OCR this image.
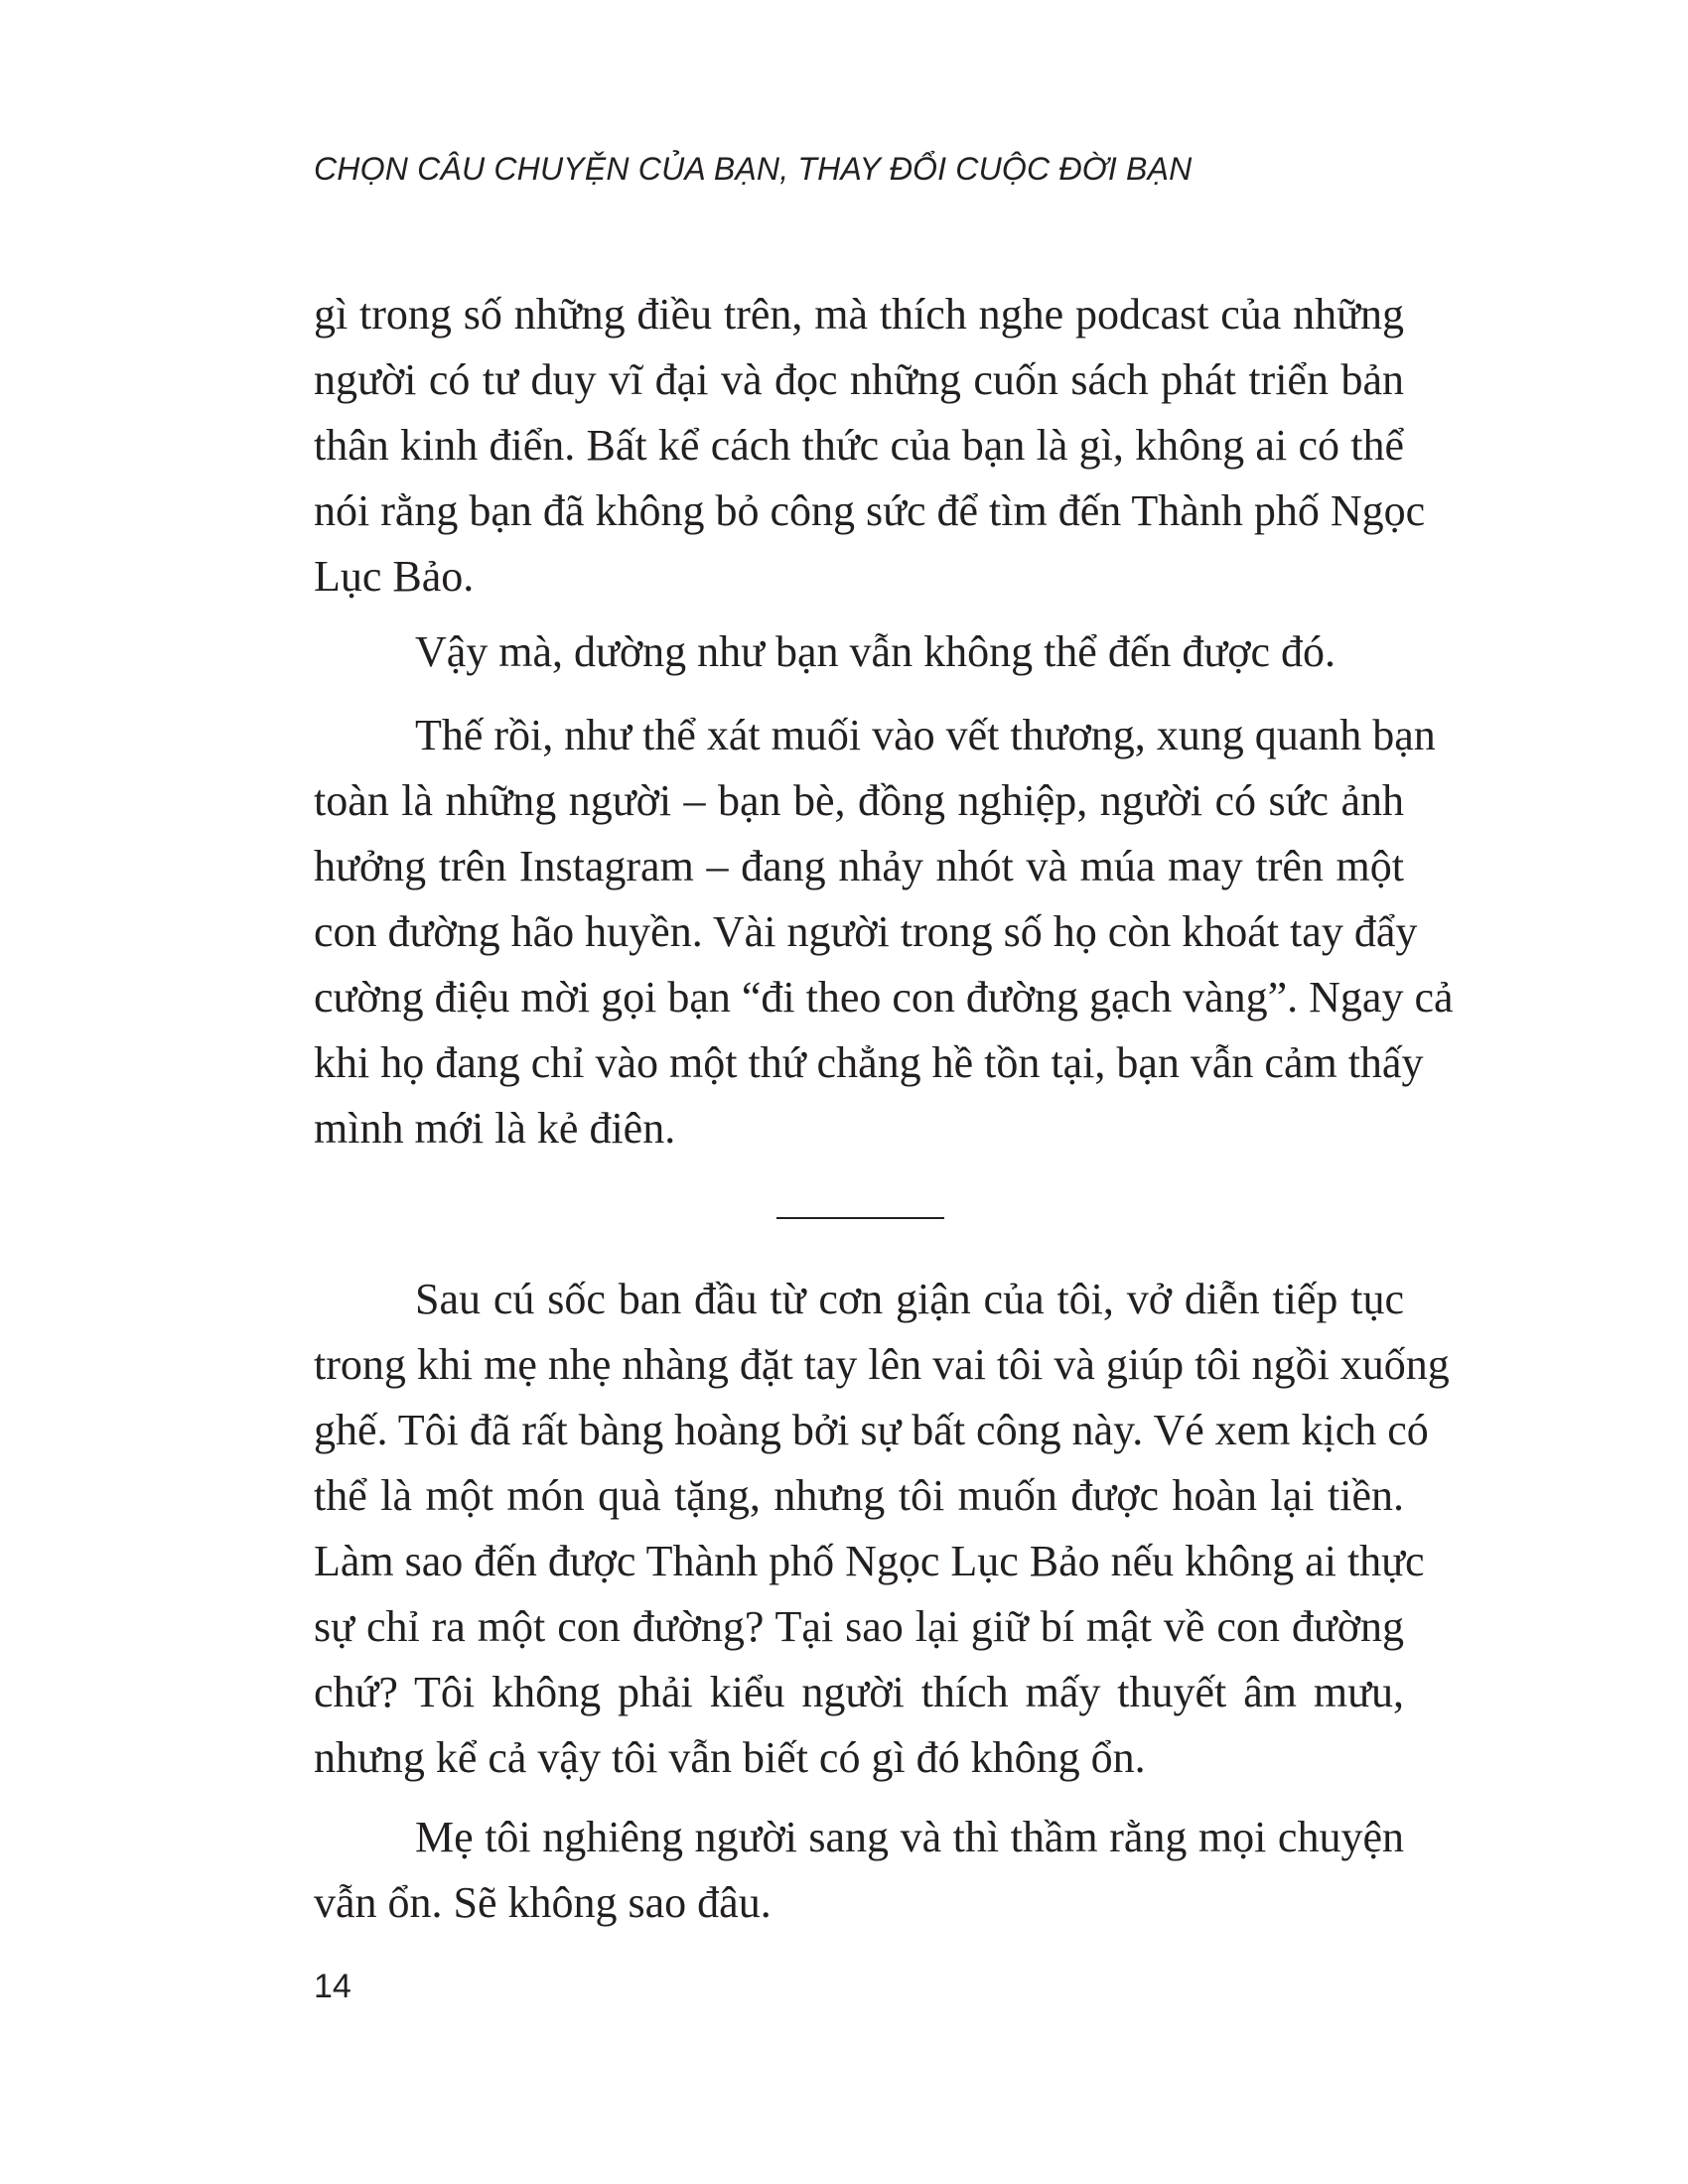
CHỌN CÂU CHUYỆN CỦA BẠN, THAY ĐỔI CUỘC ĐỜI BẠN
gì trong số những điều trên, mà thích nghe podcast của những
người có tư duy vĩ đại và đọc những cuốn sách phát triển bản
thân kinh điển. Bất kể cách thức của bạn là gì, không ai có thể
nói rằng bạn đã không bỏ công sức để tìm đến Thành phố Ngọc
Lục Bảo.
Vậy mà, dường như bạn vẫn không thể đến được đó.
Thế rồi, như thể xát muối vào vết thương, xung quanh bạn
toàn là những người – bạn bè, đồng nghiệp, người có sức ảnh
hưởng trên Instagram – đang nhảy nhót và múa may trên một
con đường hão huyền. Vài người trong số họ còn khoát tay đẩy
cường điệu mời gọi bạn “đi theo con đường gạch vàng”. Ngay cả
khi họ đang chỉ vào một thứ chẳng hề tồn tại, bạn vẫn cảm thấy
mình mới là kẻ điên.
Sau cú sốc ban đầu từ cơn giận của tôi, vở diễn tiếp tục
trong khi mẹ nhẹ nhàng đặt tay lên vai tôi và giúp tôi ngồi xuống
ghế. Tôi đã rất bàng hoàng bởi sự bất công này. Vé xem kịch có
thể là một món quà tặng, nhưng tôi muốn được hoàn lại tiền.
Làm sao đến được Thành phố Ngọc Lục Bảo nếu không ai thực
sự chỉ ra một con đường? Tại sao lại giữ bí mật về con đường
chứ? Tôi không phải kiểu người thích mấy thuyết âm mưu,
nhưng kể cả vậy tôi vẫn biết có gì đó không ổn.
Mẹ tôi nghiêng người sang và thì thầm rằng mọi chuyện
vẫn ổn. Sẽ không sao đâu.
14
